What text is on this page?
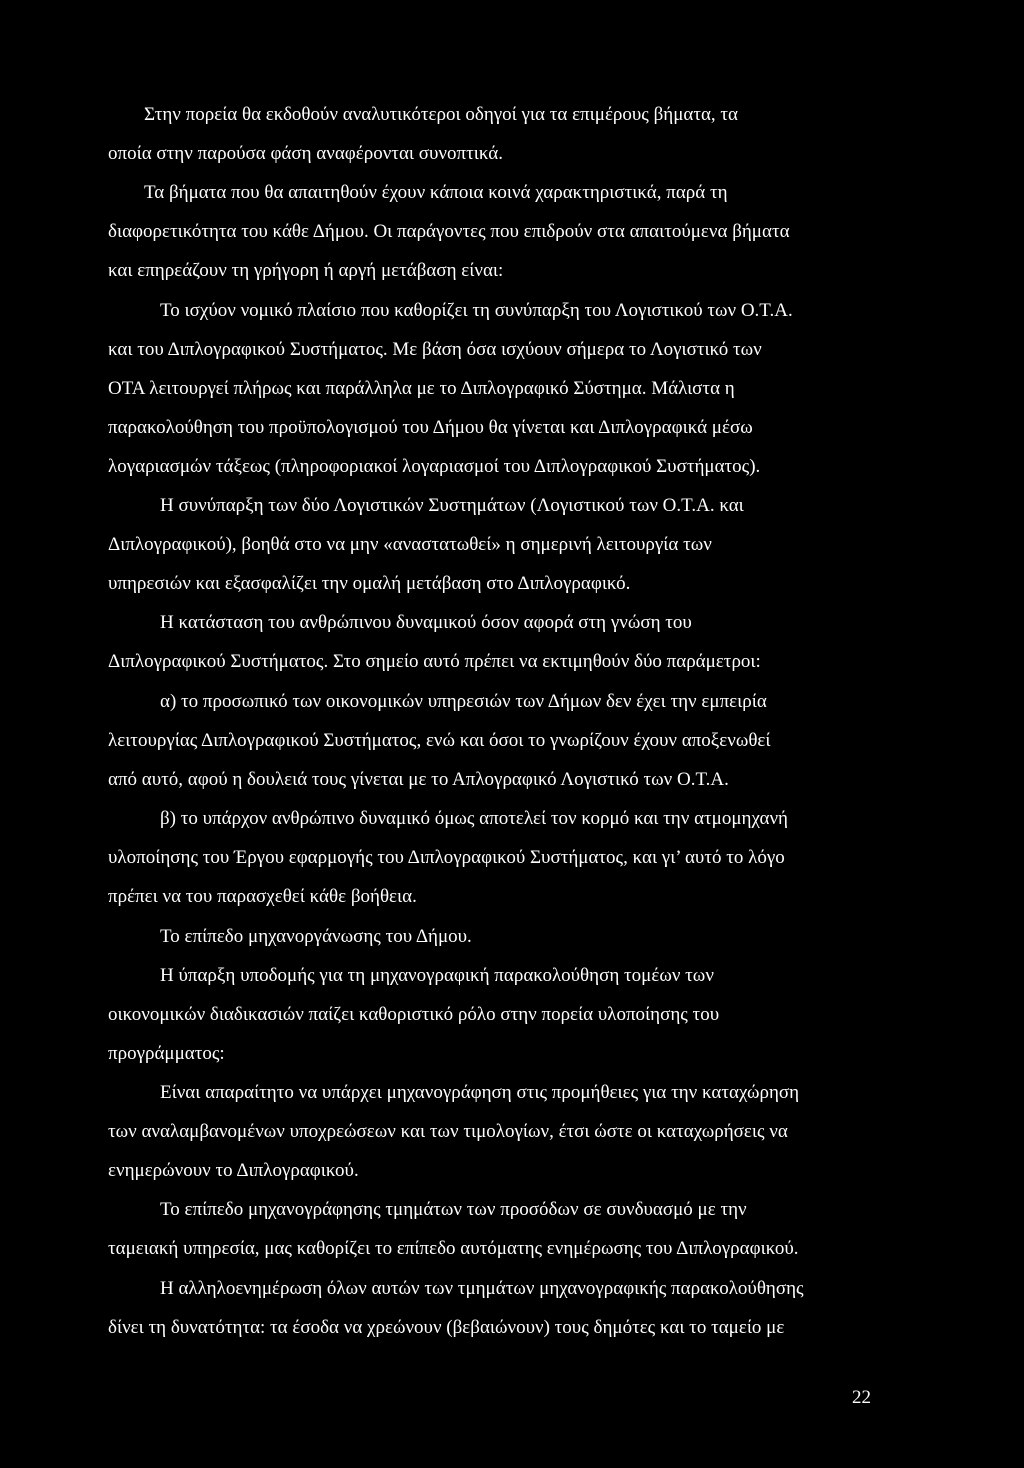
Στην πορεία θα εκδοθούν αναλυτικότεροι οδηγοί για τα επιμέρους βήματα, τα
οποία στην παρούσα φάση αναφέρονται συνοπτικά.
Τα βήματα που θα απαιτηθούν έχουν κάποια κοινά χαρακτηριστικά, παρά τη
διαφορετικότητα του κάθε Δήμου. Οι παράγοντες που επιδρούν στα απαιτούμενα βήματα
και επηρεάζουν τη γρήγορη ή αργή μετάβαση είναι:
Το ισχύον νομικό πλαίσιο που καθορίζει τη συνύπαρξη του Λογιστικού των Ο.Τ.Α.
και του Διπλογραφικού Συστήματος. Με βάση όσα ισχύουν σήμερα το Λογιστικό των
ΟΤΑ λειτουργεί πλήρως και παράλληλα με το Διπλογραφικό Σύστημα. Μάλιστα η
παρακολούθηση του προϋπολογισμού του Δήμου θα γίνεται και Διπλογραφικά μέσω
λογαριασμών τάξεως (πληροφοριακοί λογαριασμοί του Διπλογραφικού Συστήματος).
Η συνύπαρξη των δύο Λογιστικών Συστημάτων (Λογιστικού των Ο.Τ.Α. και
Διπλογραφικού), βοηθά στο να μην «αναστατωθεί» η σημερινή λειτουργία των
υπηρεσιών και εξασφαλίζει την ομαλή μετάβαση στο Διπλογραφικό.
Η κατάσταση του ανθρώπινου δυναμικού όσον αφορά στη γνώση του
Διπλογραφικού Συστήματος. Στο σημείο αυτό πρέπει να εκτιμηθούν δύο παράμετροι:
α) το προσωπικό των οικονομικών υπηρεσιών των Δήμων δεν έχει την εμπειρία
λειτουργίας Διπλογραφικού Συστήματος, ενώ και όσοι το γνωρίζουν έχουν αποξενωθεί
από αυτό, αφού η δουλειά τους γίνεται με το Απλογραφικό Λογιστικό των Ο.Τ.Α.
β) το υπάρχον ανθρώπινο δυναμικό όμως αποτελεί τον κορμό και την ατμομηχανή
υλοποίησης του Έργου εφαρμογής του Διπλογραφικού Συστήματος, και γι’ αυτό το λόγο
πρέπει να του παρασχεθεί κάθε βοήθεια.
Το επίπεδο μηχανοργάνωσης του Δήμου.
Η ύπαρξη υποδομής για τη μηχανογραφική παρακολούθηση τομέων των
οικονομικών διαδικασιών παίζει καθοριστικό ρόλο στην πορεία υλοποίησης του
προγράμματος:
Είναι απαραίτητο να υπάρχει μηχανογράφηση στις προμήθειες για την καταχώρηση
των αναλαμβανομένων υποχρεώσεων και των τιμολογίων, έτσι ώστε οι καταχωρήσεις να
ενημερώνουν το Διπλογραφικού.
Το επίπεδο μηχανογράφησης τμημάτων των προσόδων σε συνδυασμό με την
ταμειακή υπηρεσία, μας καθορίζει το επίπεδο αυτόματης ενημέρωσης του Διπλογραφικού.
Η αλληλοενημέρωση όλων αυτών των τμημάτων μηχανογραφικής παρακολούθησης
δίνει τη δυνατότητα: τα έσοδα να χρεώνουν (βεβαιώνουν) τους δημότες και το ταμείο με
22
